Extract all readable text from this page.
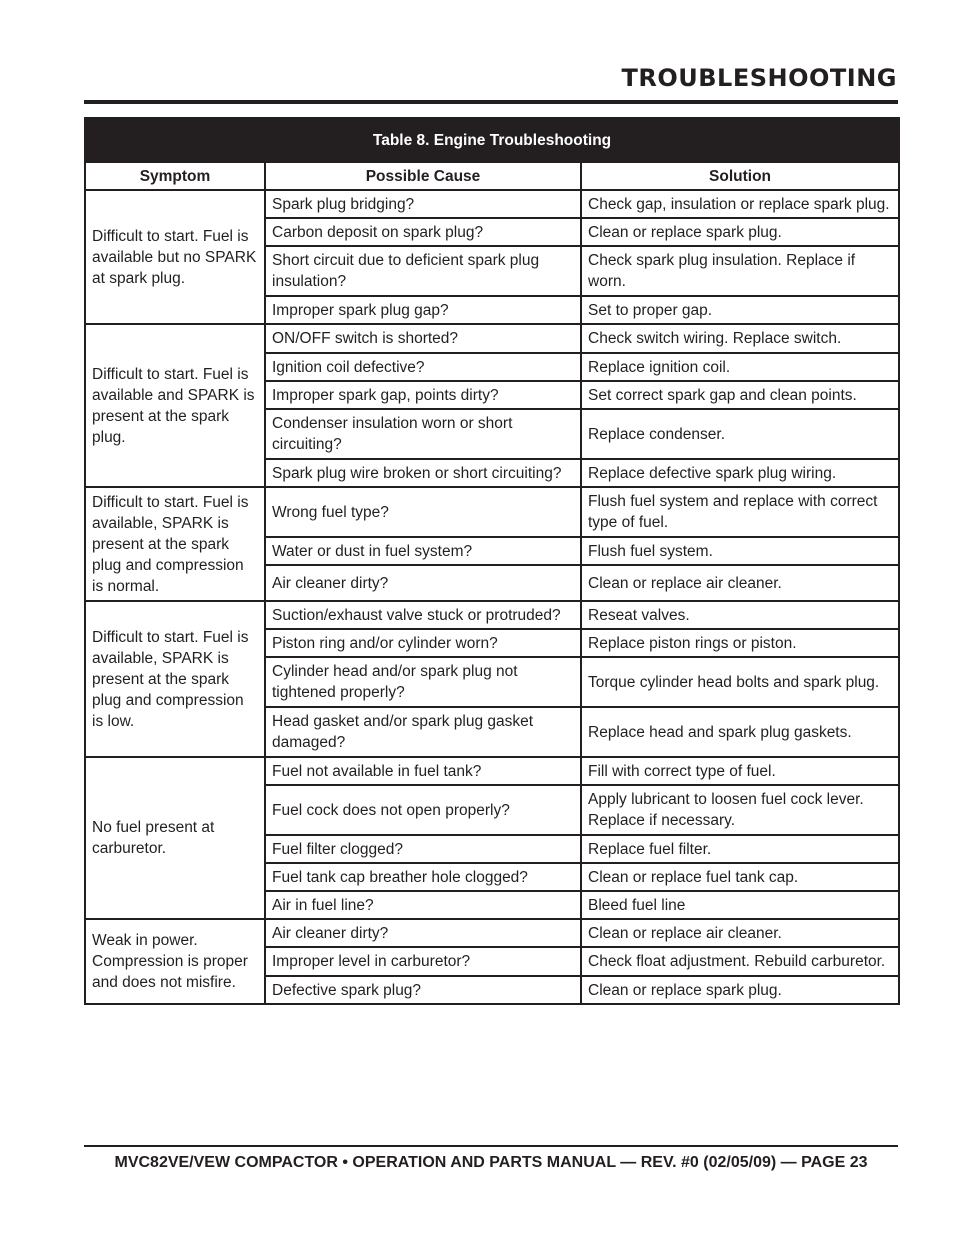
TROUBLESHOOTING
Table 8. Engine Troubleshooting		
Symptom	Possible Cause	Solution
Difficult to start. Fuel is available but no SPARK at spark plug.	Spark plug bridging?	Check gap, insulation or replace spark plug.
	Carbon deposit on spark plug?	Clean or replace spark plug.
	Short circuit due to deficient spark plug insulation?	Check spark plug insulation. Replace if worn.
	Improper spark plug gap?	Set to proper gap.
Difficult to start. Fuel is available and SPARK is present at the spark plug.	ON/OFF switch is shorted?	Check switch wiring. Replace switch.
	Ignition coil defective?	Replace ignition coil.
	Improper spark gap, points dirty?	Set correct spark gap and clean points.
	Condenser insulation worn or short circuiting?	Replace condenser.
	Spark plug wire broken or short circuiting?	Replace defective spark plug wiring.
Difficult to start. Fuel is available, SPARK is present at the spark plug and compression is normal.	Wrong fuel type?	Flush fuel system and replace with correct type of fuel.
	Water or dust in fuel system?	Flush fuel system.
	Air cleaner dirty?	Clean or replace air cleaner.
Difficult to start. Fuel is available, SPARK is present at the spark plug and compression is low.	Suction/exhaust valve stuck or protruded?	Reseat valves.
	Piston ring and/or cylinder worn?	Replace piston rings or piston.
	Cylinder head and/or spark plug not tightened properly?	Torque cylinder head bolts and spark plug.
	Head gasket and/or spark plug gasket damaged?	Replace head and spark plug gaskets.
No fuel present at carburetor.	Fuel not available in fuel tank?	Fill with correct type of fuel.
	Fuel cock does not open properly?	Apply lubricant to loosen fuel cock lever. Replace if necessary.
	Fuel filter clogged?	Replace fuel filter.
	Fuel tank cap breather hole clogged?	Clean or replace fuel tank cap.
	Air in fuel line?	Bleed fuel line
Weak in power. Compression is proper and does not misfire.	Air cleaner dirty?	Clean or replace air cleaner.
	Improper level in carburetor?	Check float adjustment. Rebuild carburetor.
	Defective spark plug?	Clean or replace spark plug.
MVC82VE/VEW COMPACTOR • OPERATION AND PARTS MANUAL — REV. #0 (02/05/09) — PAGE 23
